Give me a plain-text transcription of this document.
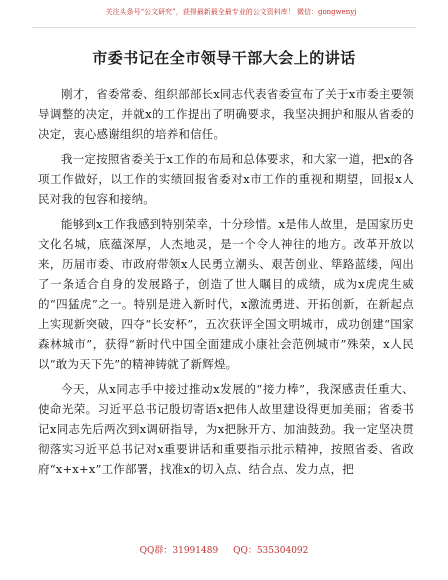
关注头条号“公文研究”，获得最新最全最专业的公文资料库！ 微信：gongwenyj
市委书记在全市领导干部大会上的讲话

刚才，省委常委、组织部部长x同志代表省委宣布了关于x市委主要领导调整的决定，并就x的工作提出了明确要求，我坚决拥护和服从省委的决定，衷心感谢组织的培养和信任。

我一定按照省委关于x工作的布局和总体要求，和大家一道，把x的各项工作做好，以工作的实绩回报省委对x市工作的重视和期望，回报x人民对我的包容和接纳。

能够到x工作我感到特别荣幸，十分珍惜。x是伟人故里，是国家历史文化名城，底蕴深厚，人杰地灵，是一个令人神往的地方。改革开放以来，历届市委、市政府带领x人民勇立潮头、艰苦创业、筚路蓝缕，闯出了一条适合自身的发展路子，创造了世人瞩目的成绩，成为x虎虎生威的“四猛虎”之一。特别是进入新时代，x激流勇进、开拓创新，在新起点上实现新突破，四夺“长安杯”，五次获评全国文明城市，成功创建“国家森林城市”，获得“新时代中国全面建成小康社会范例城市”殊荣，x人民以“敢为天下先”的精神铸就了新辉煌。

今天，从x同志手中接过推动x发展的“接力棒”，我深感责任重大、使命光荣。习近平总书记殷切寄语x把伟人故里建设得更加美丽；省委书记x同志先后两次到x调研指导，为x把脉开方、加油鼓劲。我一定坚决贯彻落实习近平总书记对x重要讲话和重要指示批示精神，按照省委、省政府“x+x+x”工作部署，找准x的切入点、结合点、发力点，把

QQ群：31991489 QQ：535304092
